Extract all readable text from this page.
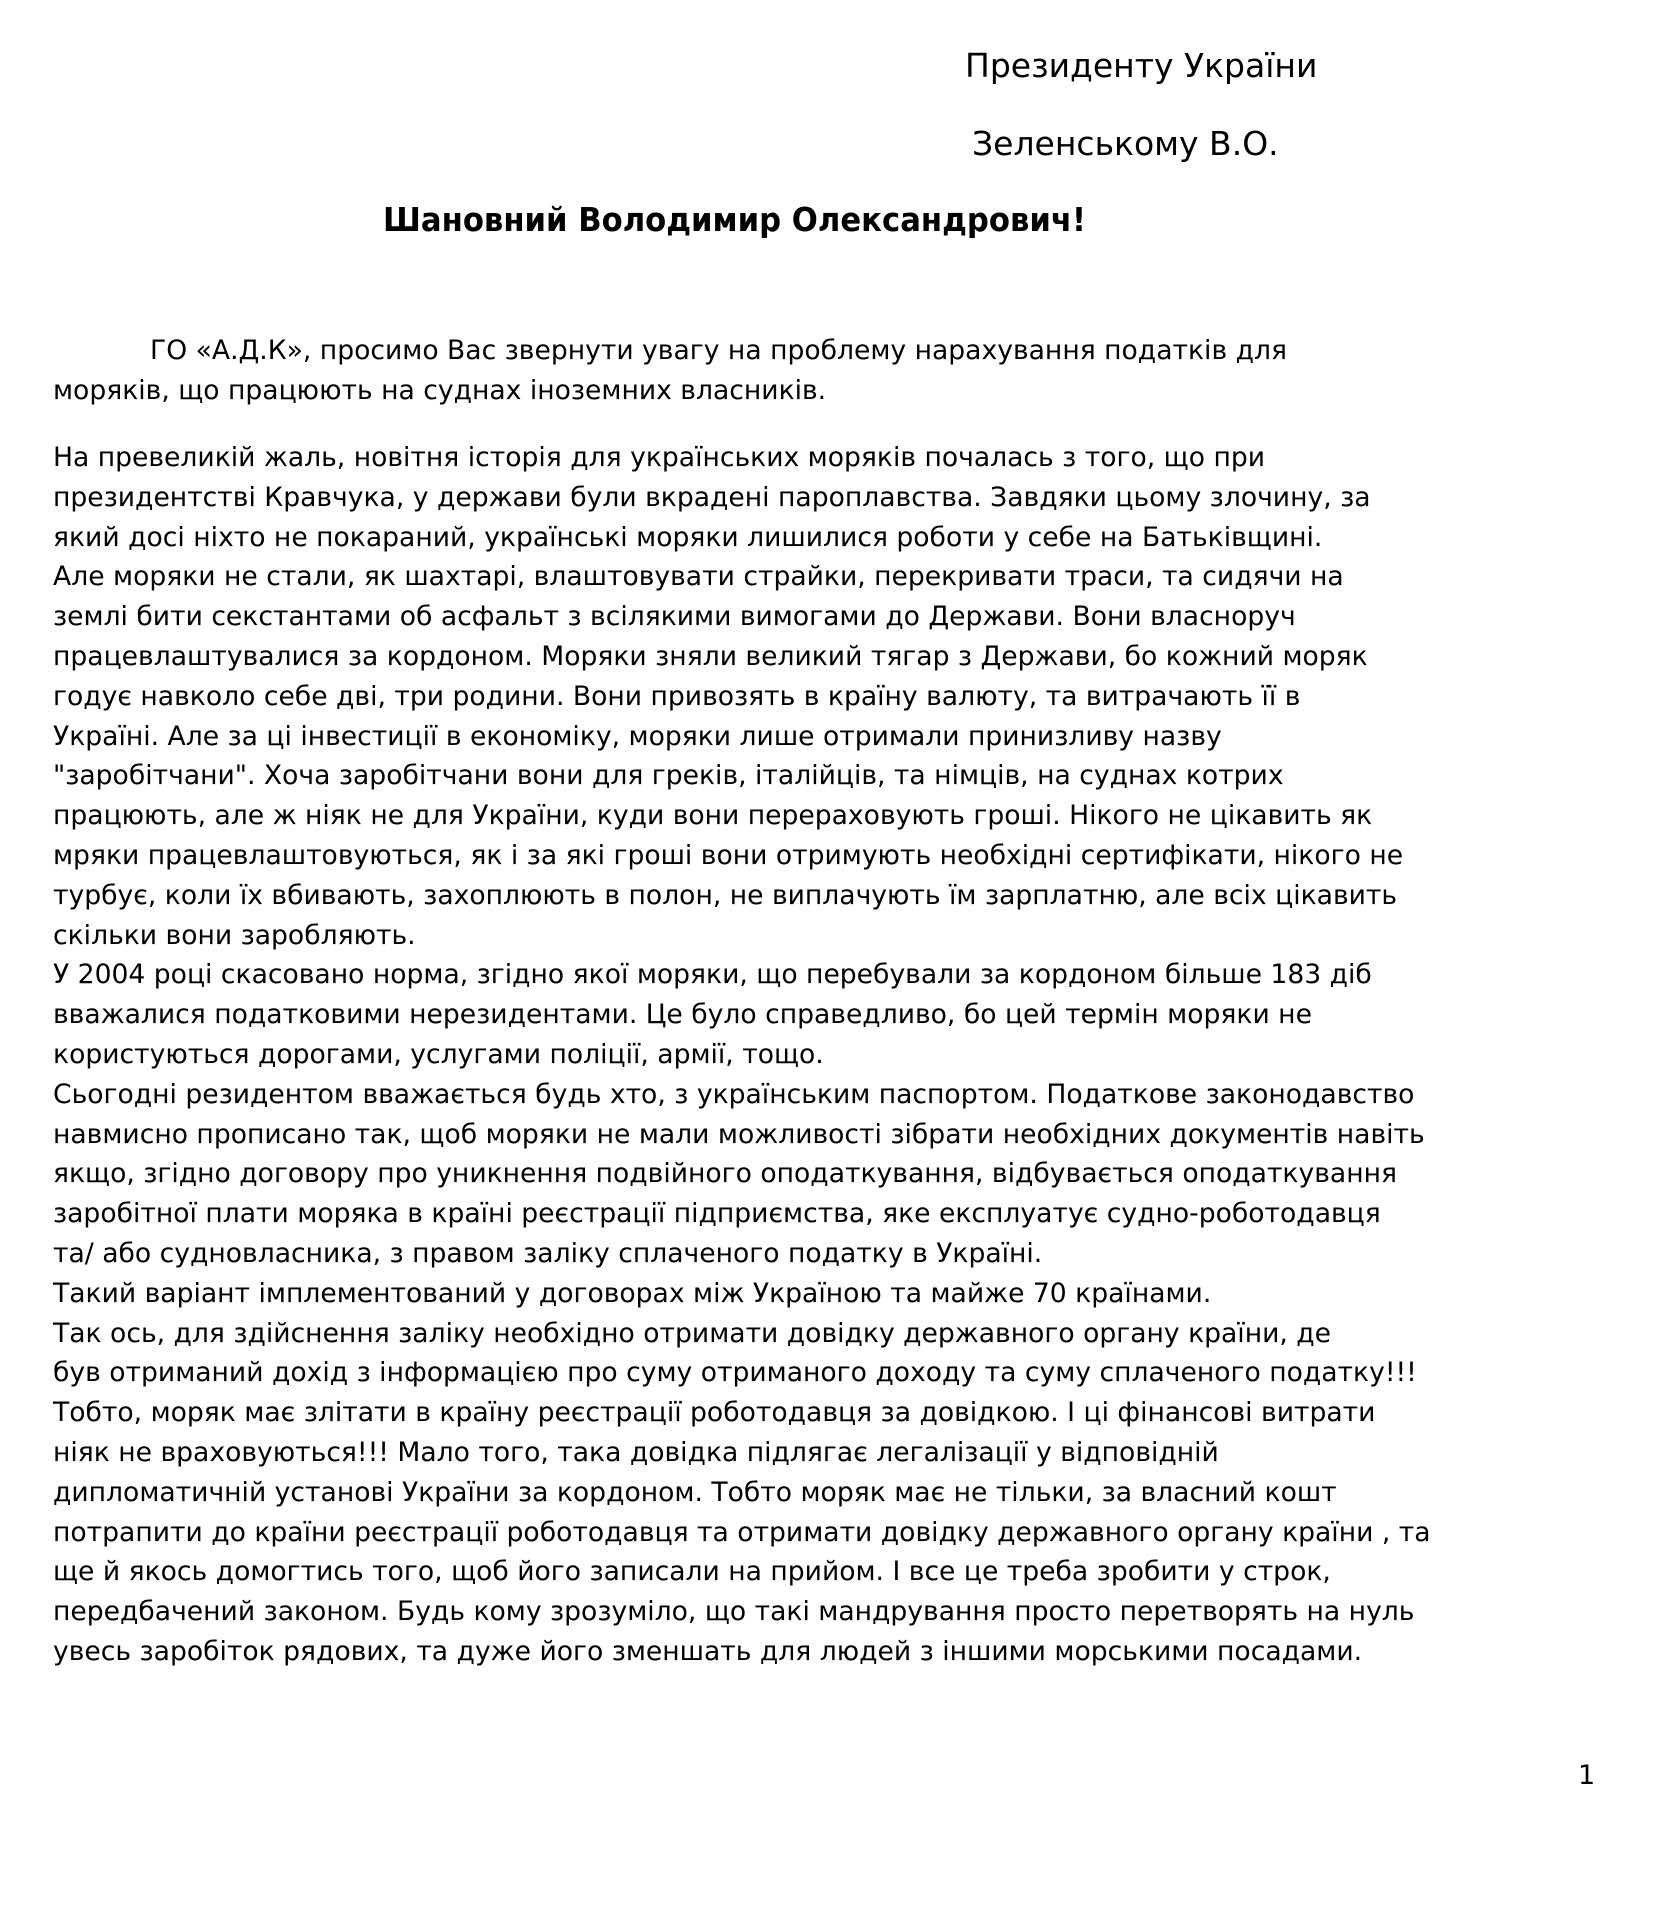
Президенту України
Зеленському В.О.
Шановний Володимир Олександрович!
ГО «А.Д.К», просимо Вас звернути увагу на проблему нарахування податків для
моряків, що працюють на суднах іноземних власників.
На превеликій жаль, новітня історія для українських моряків почалась з того, що при
президентстві Кравчука, у держави були вкрадені пароплавства. Завдяки цьому злочину, за
який досі ніхто не покараний, українські моряки лишилися роботи у себе на Батьківщині.
Але моряки не стали, як шахтарі, влаштовувати страйки, перекривати траси, та сидячи на
землі бити секстантами об асфальт з всілякими вимогами до Держави. Вони власноруч
працевлаштувалися за кордоном. Моряки зняли великий тягар з Держави, бо кожний моряк
годує навколо себе дві, три родини. Вони привозять в країну валюту, та витрачають її в
Україні. Але за ці інвестиції в економіку, моряки лише отримали принизливу назву
"заробітчани". Хоча заробітчани вони для греків, італійців, та німців, на суднах котрих
працюють, але ж ніяк не для України, куди вони перераховують гроші. Нікого не цікавить як
мряки працевлаштовуються, як і за які гроші вони отримують необхідні сертифікати, нікого не
турбує, коли їх вбивають, захоплюють в полон, не виплачують їм зарплатню, але всіх цікавить
скільки вони заробляють.
У 2004 році скасовано норма, згідно якої моряки, що перебували за кордоном більше 183 діб
вважалися податковими нерезидентами. Це було справедливо, бо цей термін моряки не
користуються дорогами, услугами поліції, армії, тощо.
Сьогодні резидентом вважається будь хто, з українським паспортом. Податкове законодавство
навмисно прописано так, щоб моряки не мали можливості зібрати необхідних документів навіть
якщо, згідно договору про уникнення подвійного оподаткування, відбувається оподаткування
заробітної плати моряка в країні реєстрації підприємства, яке експлуатує судно-роботодавця
та/ або судновласника, з правом заліку сплаченого податку в Україні.
Такий варіант імплементований у договорах між Україною та майже 70 країнами.
Так ось, для здійснення заліку необхідно отримати довідку державного органу країни, де
був отриманий дохід з інформацією про суму отриманого доходу та суму сплаченого податку!!!
Тобто, моряк має злітати в країну реєстрації роботодавця за довідкою. І ці фінансові витрати
ніяк не враховуються!!! Мало того, така довідка підлягає легалізації у відповідній
дипломатичній установі України за кордоном. Тобто моряк має не тільки, за власний кошт
потрапити до країни реєстрації роботодавця та отримати довідку державного органу країни , та
ще й якось домогтись того, щоб його записали на прийом. І все це треба зробити у строк,
передбачений законом. Будь кому зрозуміло, що такі мандрування просто перетворять на нуль
увесь заробіток рядових, та дуже його зменшать для людей з іншими морськими посадами.
1
